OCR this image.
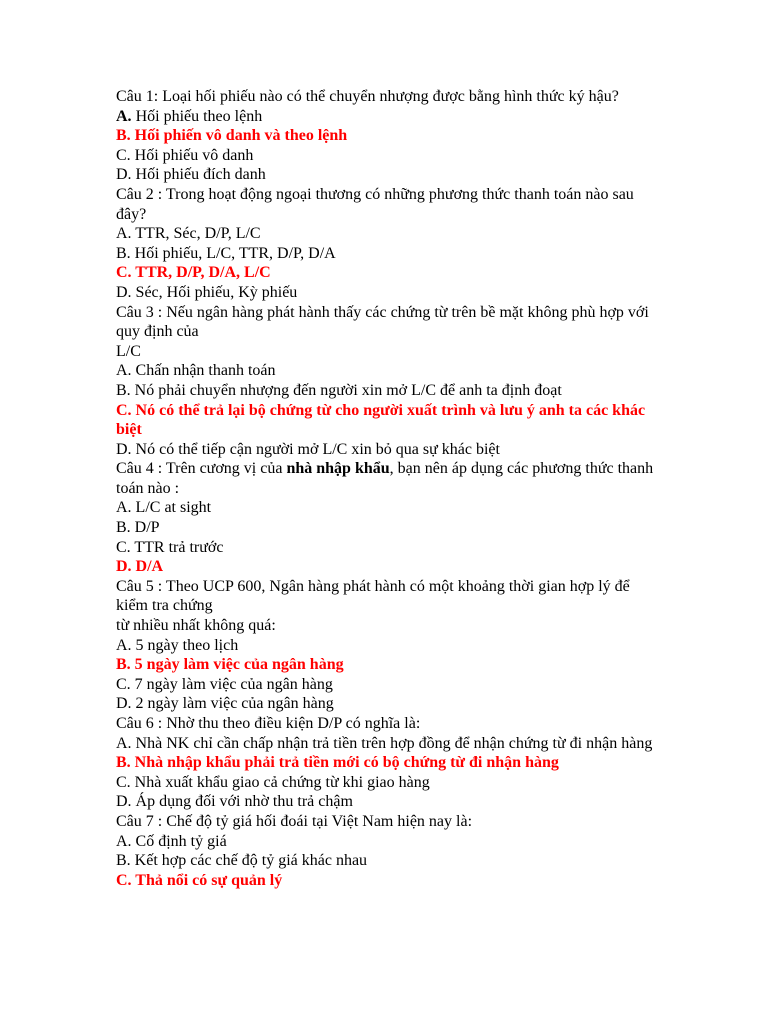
Câu 1: Loại hối phiếu nào có thể chuyển nhượng được bằng hình thức ký hậu?
A. Hối phiếu theo lệnh
B. Hối phiến vô danh và theo lệnh
C. Hối phiếu vô danh
D. Hối phiếu đích danh
Câu 2 : Trong hoạt động ngoại thương có những phương thức thanh toán nào sau đây?
A. TTR, Séc, D/P, L/C
B. Hối phiếu, L/C, TTR, D/P, D/A
C. TTR, D/P, D/A, L/C
D. Séc, Hối phiếu, Kỳ phiếu
Câu 3 : Nếu ngân hàng phát hành thấy các chứng từ trên bề mặt không phù hợp với quy định của
L/C
A. Chấn nhận thanh toán
B. Nó phải chuyển nhượng đến người xin mở L/C để anh ta định đoạt
C. Nó có thể trả lại bộ chứng từ cho người xuất trình và lưu ý anh ta các khác biệt
D. Nó có thể tiếp cận người mở L/C xin bỏ qua sự khác biệt
Câu 4 : Trên cương vị của nhà nhập khẩu, bạn nên áp dụng các phương thức thanh toán nào :
A. L/C at sight
B. D/P
C. TTR trả trước
D. D/A
Câu 5 : Theo UCP 600, Ngân hàng phát hành có một khoảng thời gian hợp lý để kiểm tra chứng
từ nhiều nhất không quá:
A. 5 ngày theo lịch
B. 5 ngày làm việc của ngân hàng
C. 7 ngày làm việc của ngân hàng
D. 2 ngày làm việc của ngân hàng
Câu 6 : Nhờ thu theo điều kiện D/P có nghĩa là:
A. Nhà NK chỉ cần chấp nhận trả tiền trên hợp đồng để nhận chứng từ đi nhận hàng
B. Nhà nhập khẩu phải trả tiền mới có bộ chứng từ đi nhận hàng
C. Nhà xuất khẩu giao cả chứng từ khi giao hàng
D. Áp dụng đối với nhờ thu trả chậm
Câu 7 : Chế độ tỷ giá hối đoái tại Việt Nam hiện nay là:
A. Cố định tỷ giá
B. Kết hợp các chế độ tỷ giá khác nhau
C. Thả nổi có sự quản lý
